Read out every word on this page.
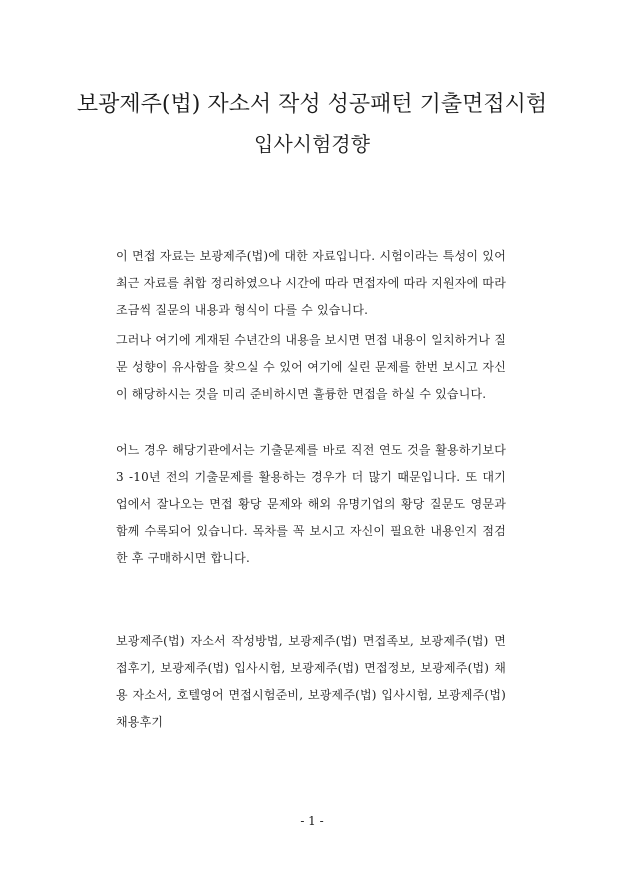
보광제주(법) 자소서 작성 성공패턴 기출면접시험
입사시험경향
이 면접 자료는 보광제주(법)에 대한 자료입니다. 시험이라는 특성이 있어 최근 자료를 취합 정리하였으나 시간에 따라 면접자에 따라 지원자에 따라 조금씩 질문의 내용과 형식이 다를 수 있습니다.
그러나 여기에 게재된 수년간의 내용을 보시면 면접 내용이 일치하거나 질문 성향이 유사함을 찾으실 수 있어 여기에 실린 문제를 한번 보시고 자신이 해당하시는 것을 미리 준비하시면 훌륭한 면접을 하실 수 있습니다.
어느 경우 해당기관에서는 기출문제를 바로 직전 연도 것을 활용하기보다 3 -10년 전의 기출문제를 활용하는 경우가 더 많기 때문입니다. 또 대기업에서 잘나오는 면접 황당 문제와 해외 유명기업의 황당 질문도 영문과 함께 수록되어 있습니다. 목차를 꼭 보시고 자신이 필요한 내용인지 점검한 후 구매하시면 합니다.
보광제주(법) 자소서 작성방법, 보광제주(법) 면접족보, 보광제주(법) 면접후기, 보광제주(법) 입사시험, 보광제주(법) 면접정보, 보광제주(법) 채용 자소서, 호텔영어 면접시험준비, 보광제주(법) 입사시험, 보광제주(법) 채용후기
- 1 -
